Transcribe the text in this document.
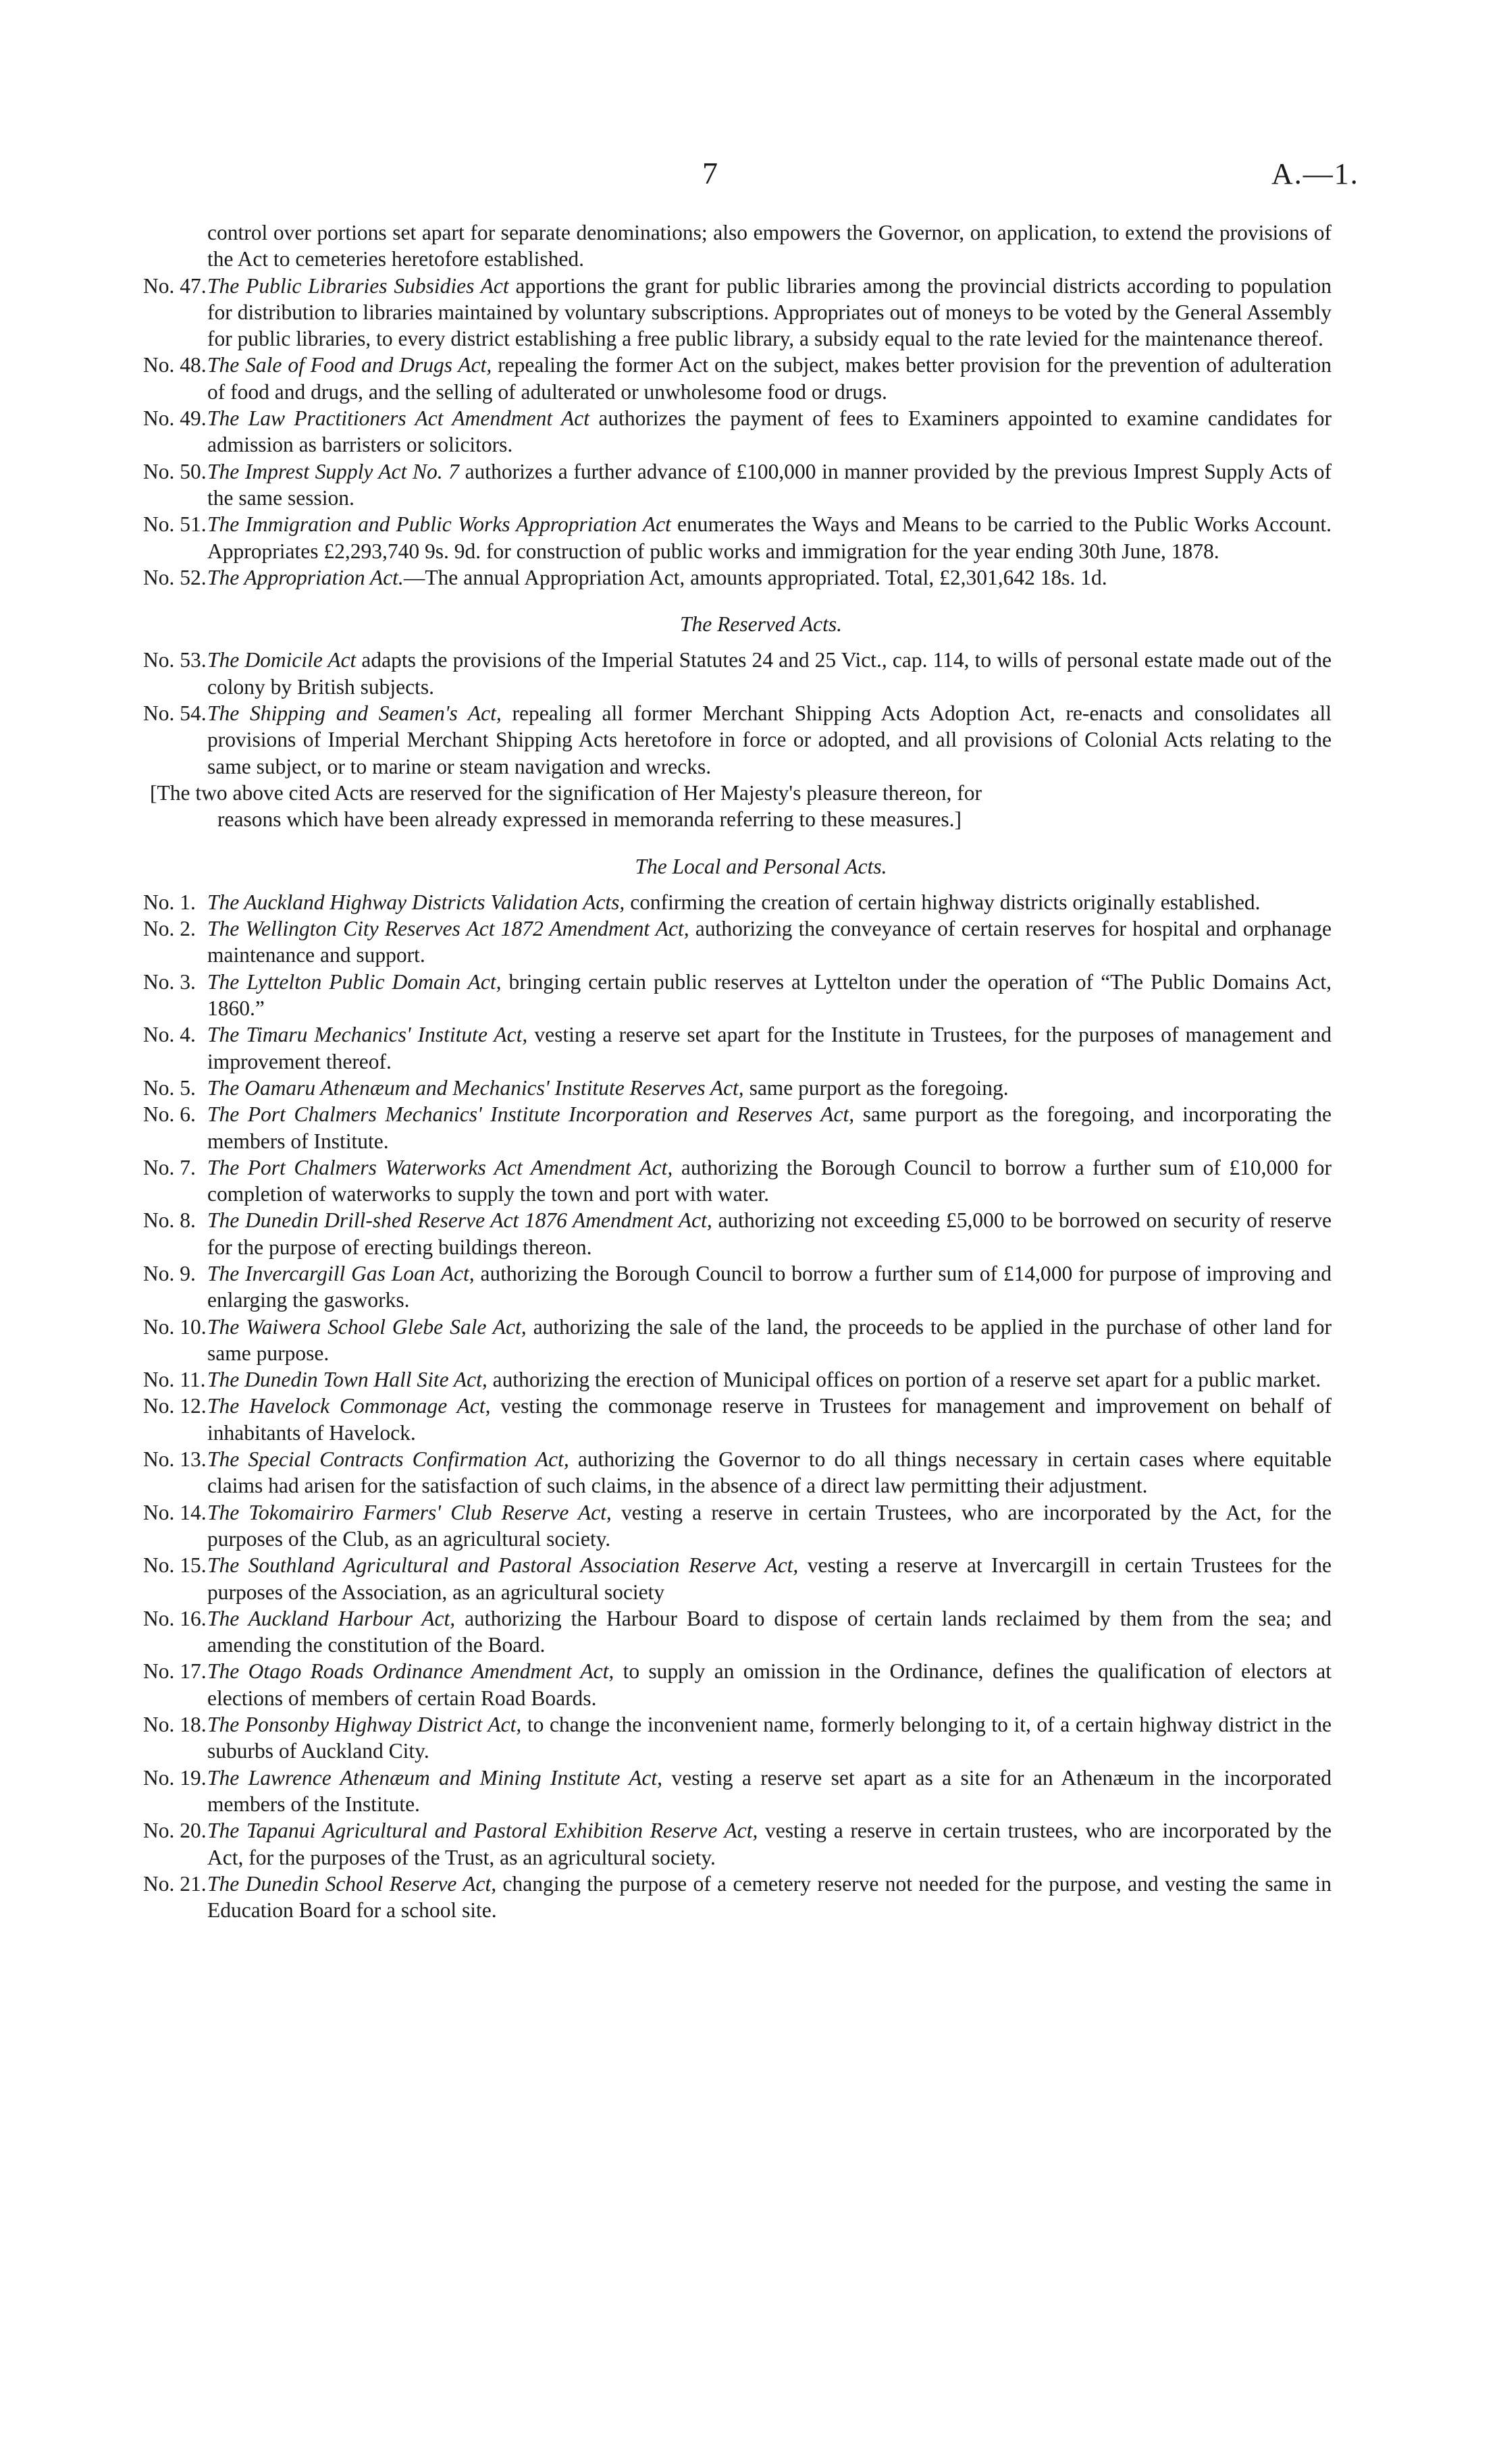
7	A.—1.

control over portions set apart for separate denominations; also empowers the Governor, on application, to extend the provisions of the Act to cemeteries heretofore established.

No. 47. The Public Libraries Subsidies Act apportions the grant for public libraries among the provincial districts according to population for distribution to libraries maintained by voluntary subscriptions. Appropriates out of moneys to be voted by the General Assembly for public libraries, to every district establishing a free public library, a subsidy equal to the rate levied for the maintenance thereof.

No. 48. The Sale of Food and Drugs Act, repealing the former Act on the subject, makes better provision for the prevention of adulteration of food and drugs, and the selling of adulterated or unwholesome food or drugs.

No. 49. The Law Practitioners Act Amendment Act authorizes the payment of fees to Examiners appointed to examine candidates for admission as barristers or solicitors.

No. 50. The Imprest Supply Act No. 7 authorizes a further advance of £100,000 in manner provided by the previous Imprest Supply Acts of the same session.

No. 51. The Immigration and Public Works Appropriation Act enumerates the Ways and Means to be carried to the Public Works Account. Appropriates £2,293,740 9s. 9d. for construction of public works and immigration for the year ending 30th June, 1878.

No. 52. The Appropriation Act.—The annual Appropriation Act, amounts appropriated. Total, £2,301,642 18s. 1d.

The Reserved Acts.

No. 53. The Domicile Act adapts the provisions of the Imperial Statutes 24 and 25 Vict., cap. 114, to wills of personal estate made out of the colony by British subjects.

No. 54. The Shipping and Seamen's Act, repealing all former Merchant Shipping Acts Adoption Act, re-enacts and consolidates all provisions of Imperial Merchant Shipping Acts heretofore in force or adopted, and all provisions of Colonial Acts relating to the same subject, or to marine or steam navigation and wrecks.

[The two above cited Acts are reserved for the signification of Her Majesty's pleasure thereon, for
reasons which have been already expressed in memoranda referring to these measures.]

The Local and Personal Acts.

No. 1. The Auckland Highway Districts Validation Acts, confirming the creation of certain highway districts originally established.

No. 2. The Wellington City Reserves Act 1872 Amendment Act, authorizing the conveyance of certain reserves for hospital and orphanage maintenance and support.

No. 3. The Lyttelton Public Domain Act, bringing certain public reserves at Lyttelton under the operation of “The Public Domains Act, 1860.”

No. 4. The Timaru Mechanics' Institute Act, vesting a reserve set apart for the Institute in Trustees, for the purposes of management and improvement thereof.

No. 5. The Oamaru Athenæum and Mechanics' Institute Reserves Act, same purport as the foregoing.

No. 6. The Port Chalmers Mechanics' Institute Incorporation and Reserves Act, same purport as the foregoing, and incorporating the members of Institute.

No. 7. The Port Chalmers Waterworks Act Amendment Act, authorizing the Borough Council to borrow a further sum of £10,000 for completion of waterworks to supply the town and port with water.

No. 8. The Dunedin Drill-shed Reserve Act 1876 Amendment Act, authorizing not exceeding £5,000 to be borrowed on security of reserve for the purpose of erecting buildings thereon.

No. 9. The Invercargill Gas Loan Act, authorizing the Borough Council to borrow a further sum of £14,000 for purpose of improving and enlarging the gasworks.

No. 10. The Waiwera School Glebe Sale Act, authorizing the sale of the land, the proceeds to be applied in the purchase of other land for same purpose.

No. 11. The Dunedin Town Hall Site Act, authorizing the erection of Municipal offices on portion of a reserve set apart for a public market.

No. 12. The Havelock Commonage Act, vesting the commonage reserve in Trustees for management and improvement on behalf of inhabitants of Havelock.

No. 13. The Special Contracts Confirmation Act, authorizing the Governor to do all things necessary in certain cases where equitable claims had arisen for the satisfaction of such claims, in the absence of a direct law permitting their adjustment.

No. 14. The Tokomairiro Farmers' Club Reserve Act, vesting a reserve in certain Trustees, who are incorporated by the Act, for the purposes of the Club, as an agricultural society.

No. 15. The Southland Agricultural and Pastoral Association Reserve Act, vesting a reserve at Invercargill in certain Trustees for the purposes of the Association, as an agricultural society

No. 16. The Auckland Harbour Act, authorizing the Harbour Board to dispose of certain lands reclaimed by them from the sea; and amending the constitution of the Board.

No. 17. The Otago Roads Ordinance Amendment Act, to supply an omission in the Ordinance, defines the qualification of electors at elections of members of certain Road Boards.

No. 18. The Ponsonby Highway District Act, to change the inconvenient name, formerly belonging to it, of a certain highway district in the suburbs of Auckland City.

No. 19. The Lawrence Athenæum and Mining Institute Act, vesting a reserve set apart as a site for an Athenæum in the incorporated members of the Institute.

No. 20. The Tapanui Agricultural and Pastoral Exhibition Reserve Act, vesting a reserve in certain trustees, who are incorporated by the Act, for the purposes of the Trust, as an agricultural society.

No. 21. The Dunedin School Reserve Act, changing the purpose of a cemetery reserve not needed for the purpose, and vesting the same in Education Board for a school site.
